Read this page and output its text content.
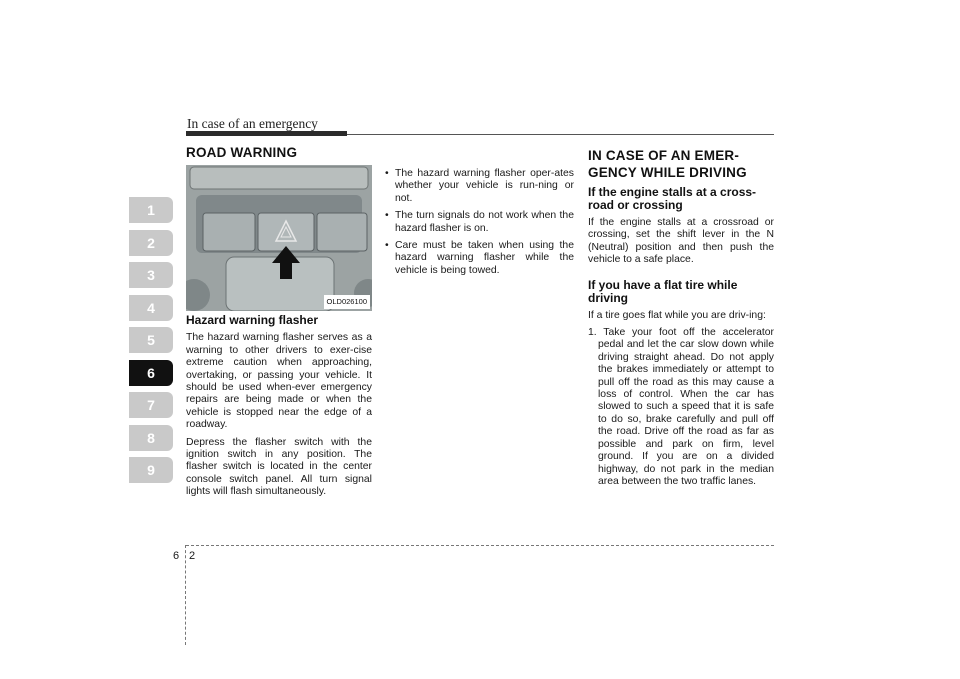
In case of an emergency
1
2
3
4
5
6
7
8
9
ROAD WARNING
OLD026100
Hazard warning flasher

The hazard warning flasher serves as a warning to other drivers to exer-cise extreme caution when approaching, overtaking, or passing your vehicle. It should be used when-ever emergency repairs are being made or when the vehicle is stopped near the edge of a roadway.

Depress the flasher switch with the ignition switch in any position. The flasher switch is located in the center console switch panel. All turn signal lights will flash simultaneously.

• The hazard warning flasher oper-ates whether your vehicle is run-ning or not.
• The turn signals do not work when the hazard flasher is on.
• Care must be taken when using the hazard warning flasher while the vehicle is being towed.
IN CASE OF AN EMER-
GENCY WHILE DRIVING
If the engine stalls at a cross-road or crossing

If the engine stalls at a crossroad or crossing, set the shift lever in the N (Neutral) position and then push the vehicle to a safe place.

If you have a flat tire while driving

If a tire goes flat while you are driv-ing:

1. Take your foot off the accelerator pedal and let the car slow down while driving straight ahead. Do not apply the brakes immediately or attempt to pull off the road as this may cause a loss of control. When the car has slowed to such a speed that it is safe to do so, brake carefully and pull off the road. Drive off the road as far as possible and park on firm, level ground. If you are on a divided highway, do not park in the median area between the two traffic lanes.
6 2
